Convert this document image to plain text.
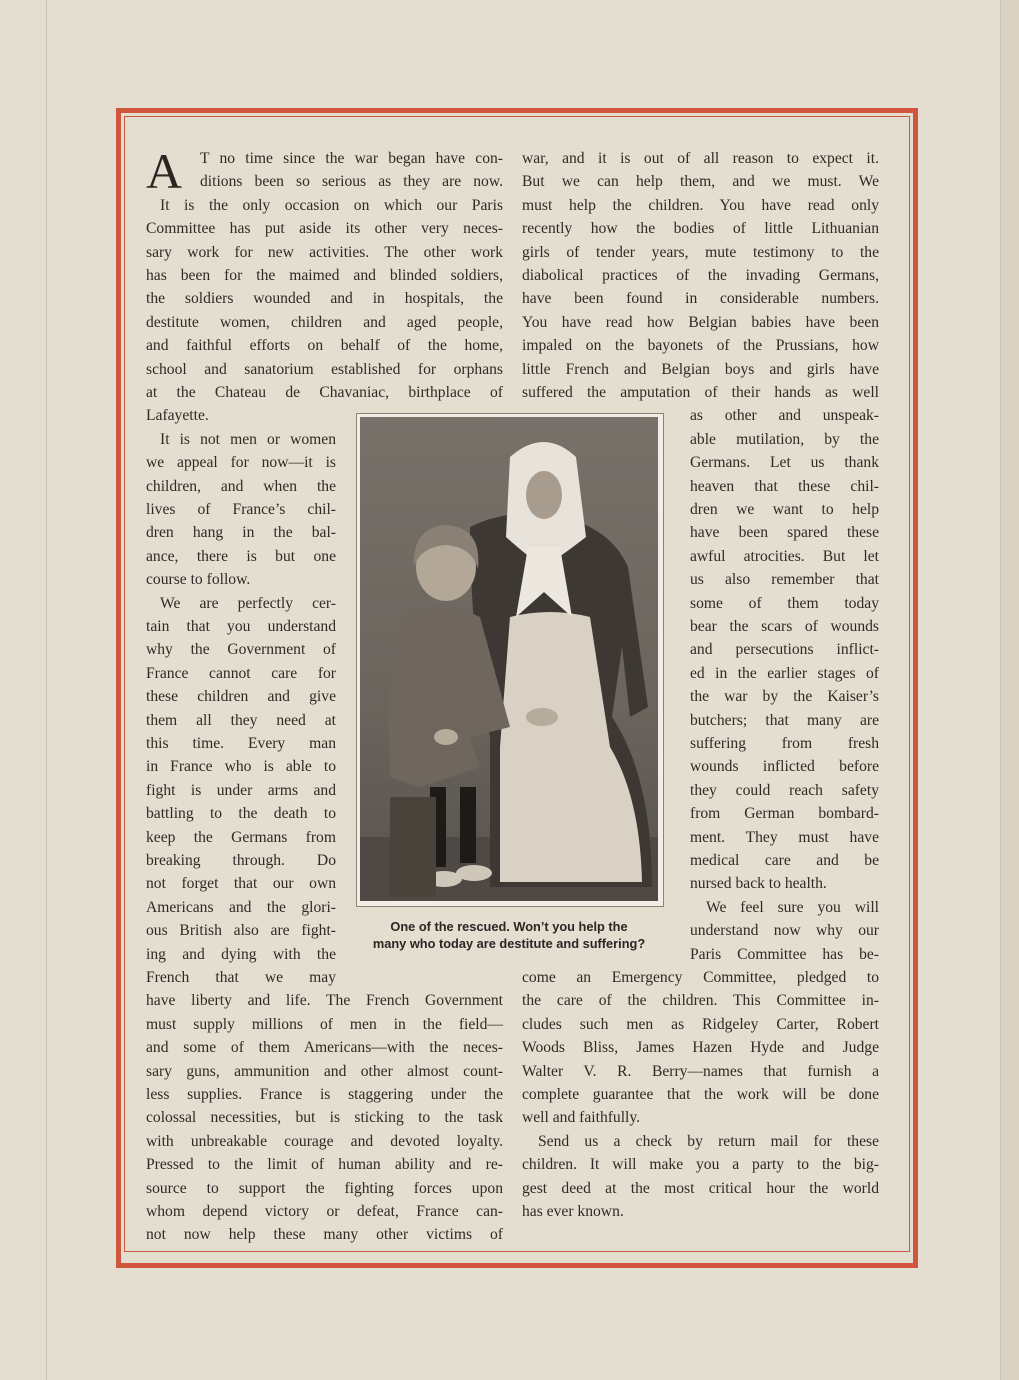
A T no time since the war began have con-
ditions been so serious as they are now.
It is the only occasion on which our Paris
Committee has put aside its other very neces-
sary work for new activities. The other work
has been for the maimed and blinded soldiers,
the soldiers wounded and in hospitals, the
destitute women, children and aged people,
and faithful efforts on behalf of the home,
school and sanatorium established for orphans
at the Chateau de Chavaniac, birthplace of
Lafayette.
It is not men or women
we appeal for now—it is
children, and when the
lives of France’s chil-
dren hang in the bal-
ance, there is but one
course to follow.
We are perfectly cer-
tain that you understand
why the Government of
France cannot care for
these children and give
them all they need at
this time. Every man
in France who is able to
fight is under arms and
battling to the death to
keep the Germans from
breaking through. Do
not forget that our own
Americans and the glori-
ous British also are fight-
ing and dying with the
French that we may
have liberty and life. The French Government
must supply millions of men in the field—
and some of them Americans—with the neces-
sary guns, ammunition and other almost count-
less supplies. France is staggering under the
colossal necessities, but is sticking to the task
with unbreakable courage and devoted loyalty.
Pressed to the limit of human ability and re-
source to support the fighting forces upon
whom depend victory or defeat, France can-
not now help these many other victims of
war, and it is out of all reason to expect it.
But we can help them, and we must. We
must help the children. You have read only
recently how the bodies of little Lithuanian
girls of tender years, mute testimony to the
diabolical practices of the invading Germans,
have been found in considerable numbers.
You have read how Belgian babies have been
impaled on the bayonets of the Prussians, how
little French and Belgian boys and girls have
suffered the amputation of their hands as well
as other and unspeak-
able mutilation, by the
Germans. Let us thank
heaven that these chil-
dren we want to help
have been spared these
awful atrocities. But let
us also remember that
some of them today
bear the scars of wounds
and persecutions inflict-
ed in the earlier stages of
the war by the Kaiser’s
butchers; that many are
suffering from fresh
wounds inflicted before
they could reach safety
from German bombard-
ment. They must have
medical care and be
nursed back to health.
We feel sure you will
understand now why our
Paris Committee has be-
come an Emergency Committee, pledged to
the care of the children. This Committee in-
cludes such men as Ridgeley Carter, Robert
Woods Bliss, James Hazen Hyde and Judge
Walter V. R. Berry—names that furnish a
complete guarantee that the work will be done
well and faithfully.
Send us a check by return mail for these
children. It will make you a party to the big-
gest deed at the most critical hour the world
has ever known.
One of the rescued. Won’t you help the
many who today are destitute and suffering?
